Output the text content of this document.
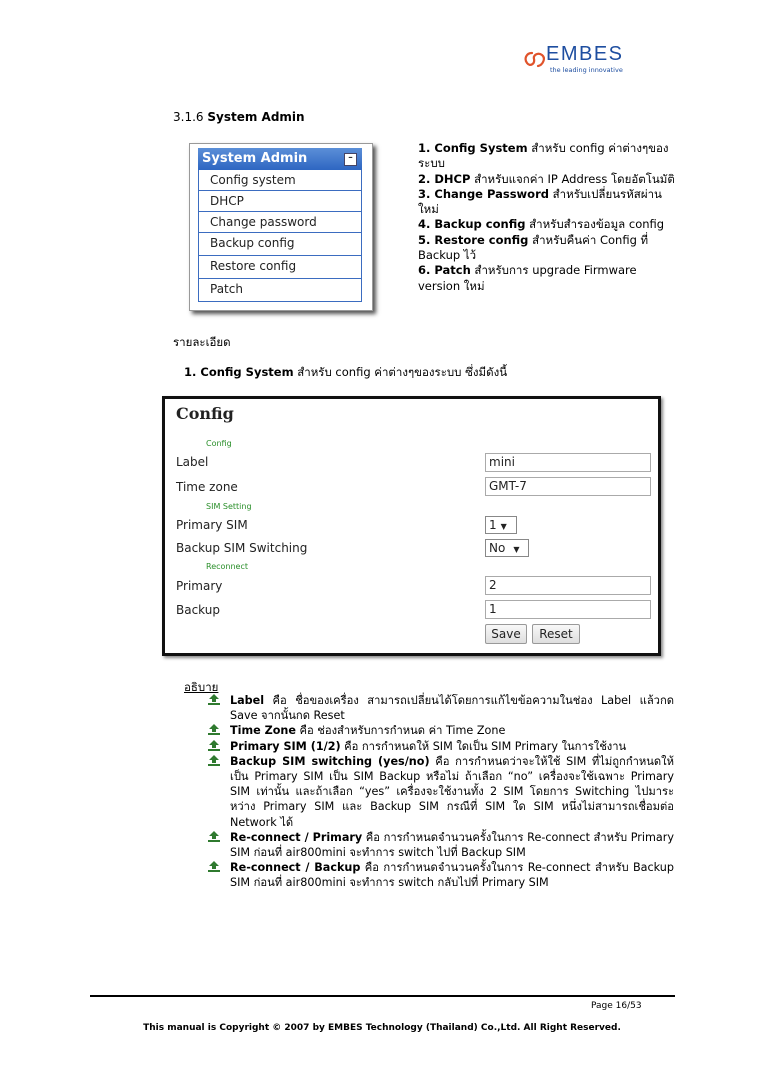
EMBES
the leading innovative
3.1.6 System Admin
System Admin	–
Config system
DHCP
Change password
Backup config
Restore config
Patch

1. Config System สำหรับ config ค่าต่างๆของระบบ

2. DHCP สำหรับแจกค่า IP Address โดยอัตโนมัติ

3. Change Password สำหรับเปลี่ยนรหัสผ่านใหม่

4. Backup config สำหรับสำรองข้อมูล config

5. Restore config สำหรับคืนค่า Config ที่ Backup ไว้

6. Patch สำหรับการ upgrade Firmware version ใหม่

รายละเอียด
1. Config System สำหรับ config ค่าต่างๆของระบบ ซึ่งมีดังนี้
Config
Config
Label	mini
Time zone	GMT-7
SIM Setting
Primary SIM	1 ▼
Backup SIM Switching	No ▼
Reconnect
Primary	2
Backup	1
Save	Reset
อธิบาย

Label คือ ชื่อของเครื่อง สามารถเปลี่ยนได้โดยการแก้ไขข้อความในช่อง Label แล้วกด Save จากนั้นกด Reset

Time Zone คือ ช่องสำหรับการกำหนด ค่า Time Zone

Primary SIM (1/2) คือ การกำหนดให้ SIM ใดเป็น SIM Primary ในการใช้งาน

Backup SIM switching (yes/no) คือ การกำหนดว่าจะให้ใช้ SIM ที่ไม่ถูกกำหนดให้เป็น Primary SIM เป็น SIM Backup หรือไม่ ถ้าเลือก “no” เครื่องจะใช้เฉพาะ Primary SIM เท่านั้น และถ้าเลือก “yes” เครื่องจะใช้งานทั้ง 2 SIM โดยการ Switching ไปมาระหว่าง Primary SIM และ Backup SIM กรณีที่ SIM ใด SIM หนึ่งไม่สามารถเชื่อมต่อ Network ได้

Re-connect / Primary คือ การกำหนดจำนวนครั้งในการ Re-connect สำหรับ Primary SIM ก่อนที่ air800mini จะทำการ switch ไปที่ Backup SIM

Re-connect / Backup คือ การกำหนดจำนวนครั้งในการ Re-connect สำหรับ Backup SIM ก่อนที่ air800mini จะทำการ switch กลับไปที่ Primary SIM

Page 16/53
This manual is Copyright © 2007 by EMBES Technology (Thailand) Co.,Ltd. All Right Reserved.
